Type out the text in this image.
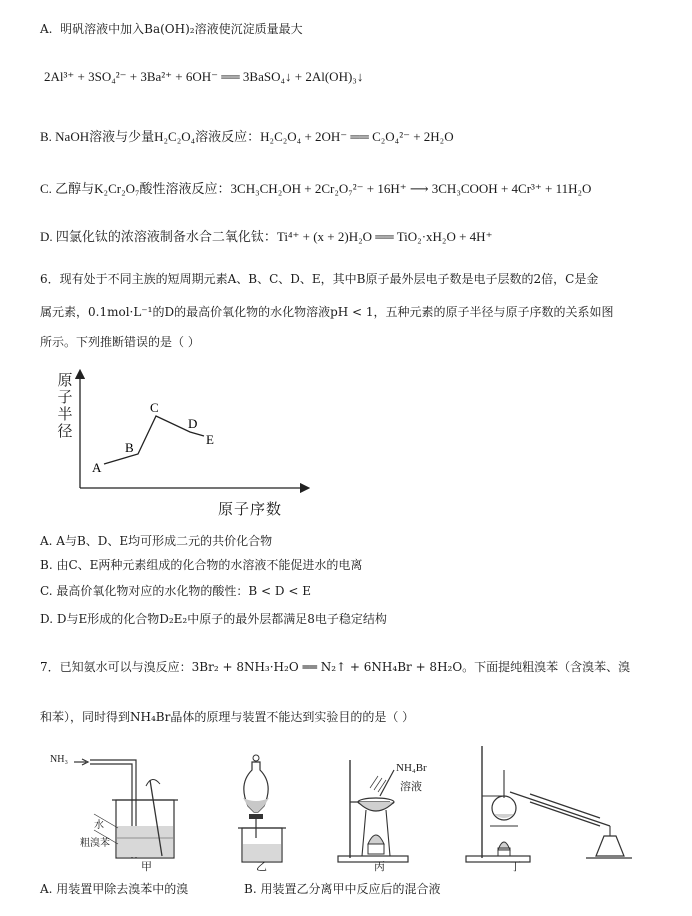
A. 明矾溶液中加入Ba(OH)₂溶液使沉淀质量最大
2Al³⁺ + 3SO₄²⁻ + 3Ba²⁺ + 6OH⁻ ══ 3BaSO₄↓ + 2Al(OH)₃↓
B. NaOH溶液与少量H₂C₂O₄溶液反应：H₂C₂O₄ + 2OH⁻ ══ C₂O₄²⁻ + 2H₂O
C. 乙醇与K₂Cr₂O₇酸性溶液反应：3CH₃CH₂OH + 2Cr₂O₇²⁻ + 16H⁺ ⟶ 3CH₃COOH + 4Cr³⁺ + 11H₂O
D. 四氯化钛的浓溶液制备水合二氧化钛：Ti⁴⁺ + (x + 2)H₂O ══ TiO₂·xH₂O + 4H⁺
6．现有处于不同主族的短周期元素A、B、C、D、E，其中B原子最外层电子数是电子层数的2倍，C是金
属元素，0.1mol·L⁻¹的D的最高价氧化物的水化物溶液pH < 1，五种元素的原子半径与原子序数的关系如图
所示。下列推断错误的是（ ）
A
B
C
D
E
原
子
半
径
原子序数
A. A与B、D、E均可形成二元的共价化合物
B. 由C、E两种元素组成的化合物的水溶液不能促进水的电离
C. 最高价氧化物对应的水化物的酸性：B < D < E
D. D与E形成的化合物D₂E₂中原子的最外层都满足8电子稳定结构
7．已知氨水可以与溴反应：3Br₂ + 8NH₃·H₂O ══ N₂↑ + 6NH₄Br + 8H₂O。下面提纯粗溴苯（含溴苯、溴
和苯），同时得到NH₄Br晶体的原理与装置不能达到实验目的的是（ ）
NH₃
水
粗溴苯
甲	乙
NH₄Br
溶液
丙	丁
A. 用装置甲除去溴苯中的溴	B. 用装置乙分离甲中反应后的混合液
